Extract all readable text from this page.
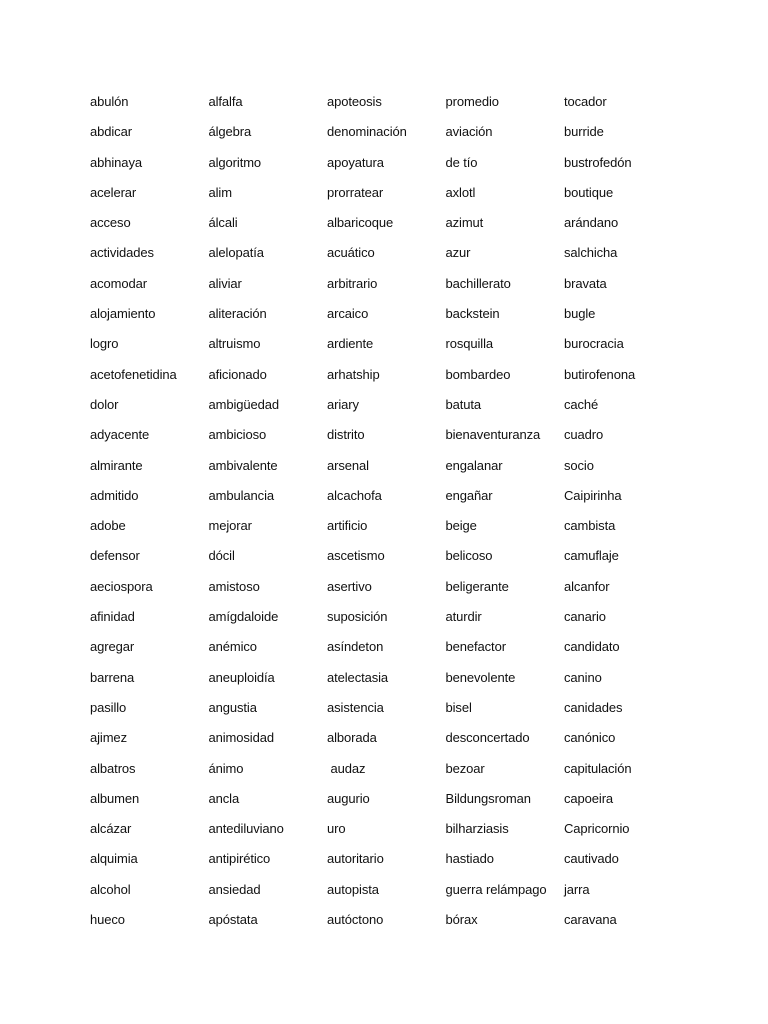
abulón
abdicar
abhinaya
acelerar
acceso
actividades
acomodar
alojamiento
logro
acetofenetidina
dolor
adyacente
almirante
admitido
adobe
defensor
aeciospora
afinidad
agregar
barrena
pasillo
ajimez
albatros
albumen
alcázar
alquimia
alcohol
hueco
alfalfa
álgebra
algoritmo
alim
álcali
alelopatía
aliviar
aliteración
altruismo
aficionado
ambigüedad
ambicioso
ambivalente
ambulancia
mejorar
dócil
amistoso
amígdaloide
anémico
aneuploidía
angustia
animosidad
ánimo
ancla
antediluviano
antipirético
ansiedad
apóstata
apoteosis
denominación
apoyatura
prorratear
albaricoque
acuático
arbitrario
arcaico
ardiente
arhatship
ariary
distrito
arsenal
alcachofa
artificio
ascetismo
asertivo
suposición
asíndeton
atelectasia
asistencia
alborada
audaz
augurio
uro
autoritario
autopista
autóctono
promedio
aviación
de tío
axlotl
azimut
azur
bachillerato
backstein
rosquilla
bombardeo
batuta
bienaventuranza
engalanar
engañar
beige
belicoso
beligerante
aturdir
benefactor
benevolente
bisel
desconcertado
bezoar
Bildungsroman
bilharziasis
hastiado
guerra relámpago
bórax
tocador
burride
bustrofedón
boutique
arándano
salchicha
bravata
bugle
burocracia
butirofenona
caché
cuadro
socio
Caipirinha
cambista
camuflaje
alcanfor
canario
candidato
canino
canidades
canónico
capitulación
capoeira
Capricornio
cautivado
jarra
caravana
